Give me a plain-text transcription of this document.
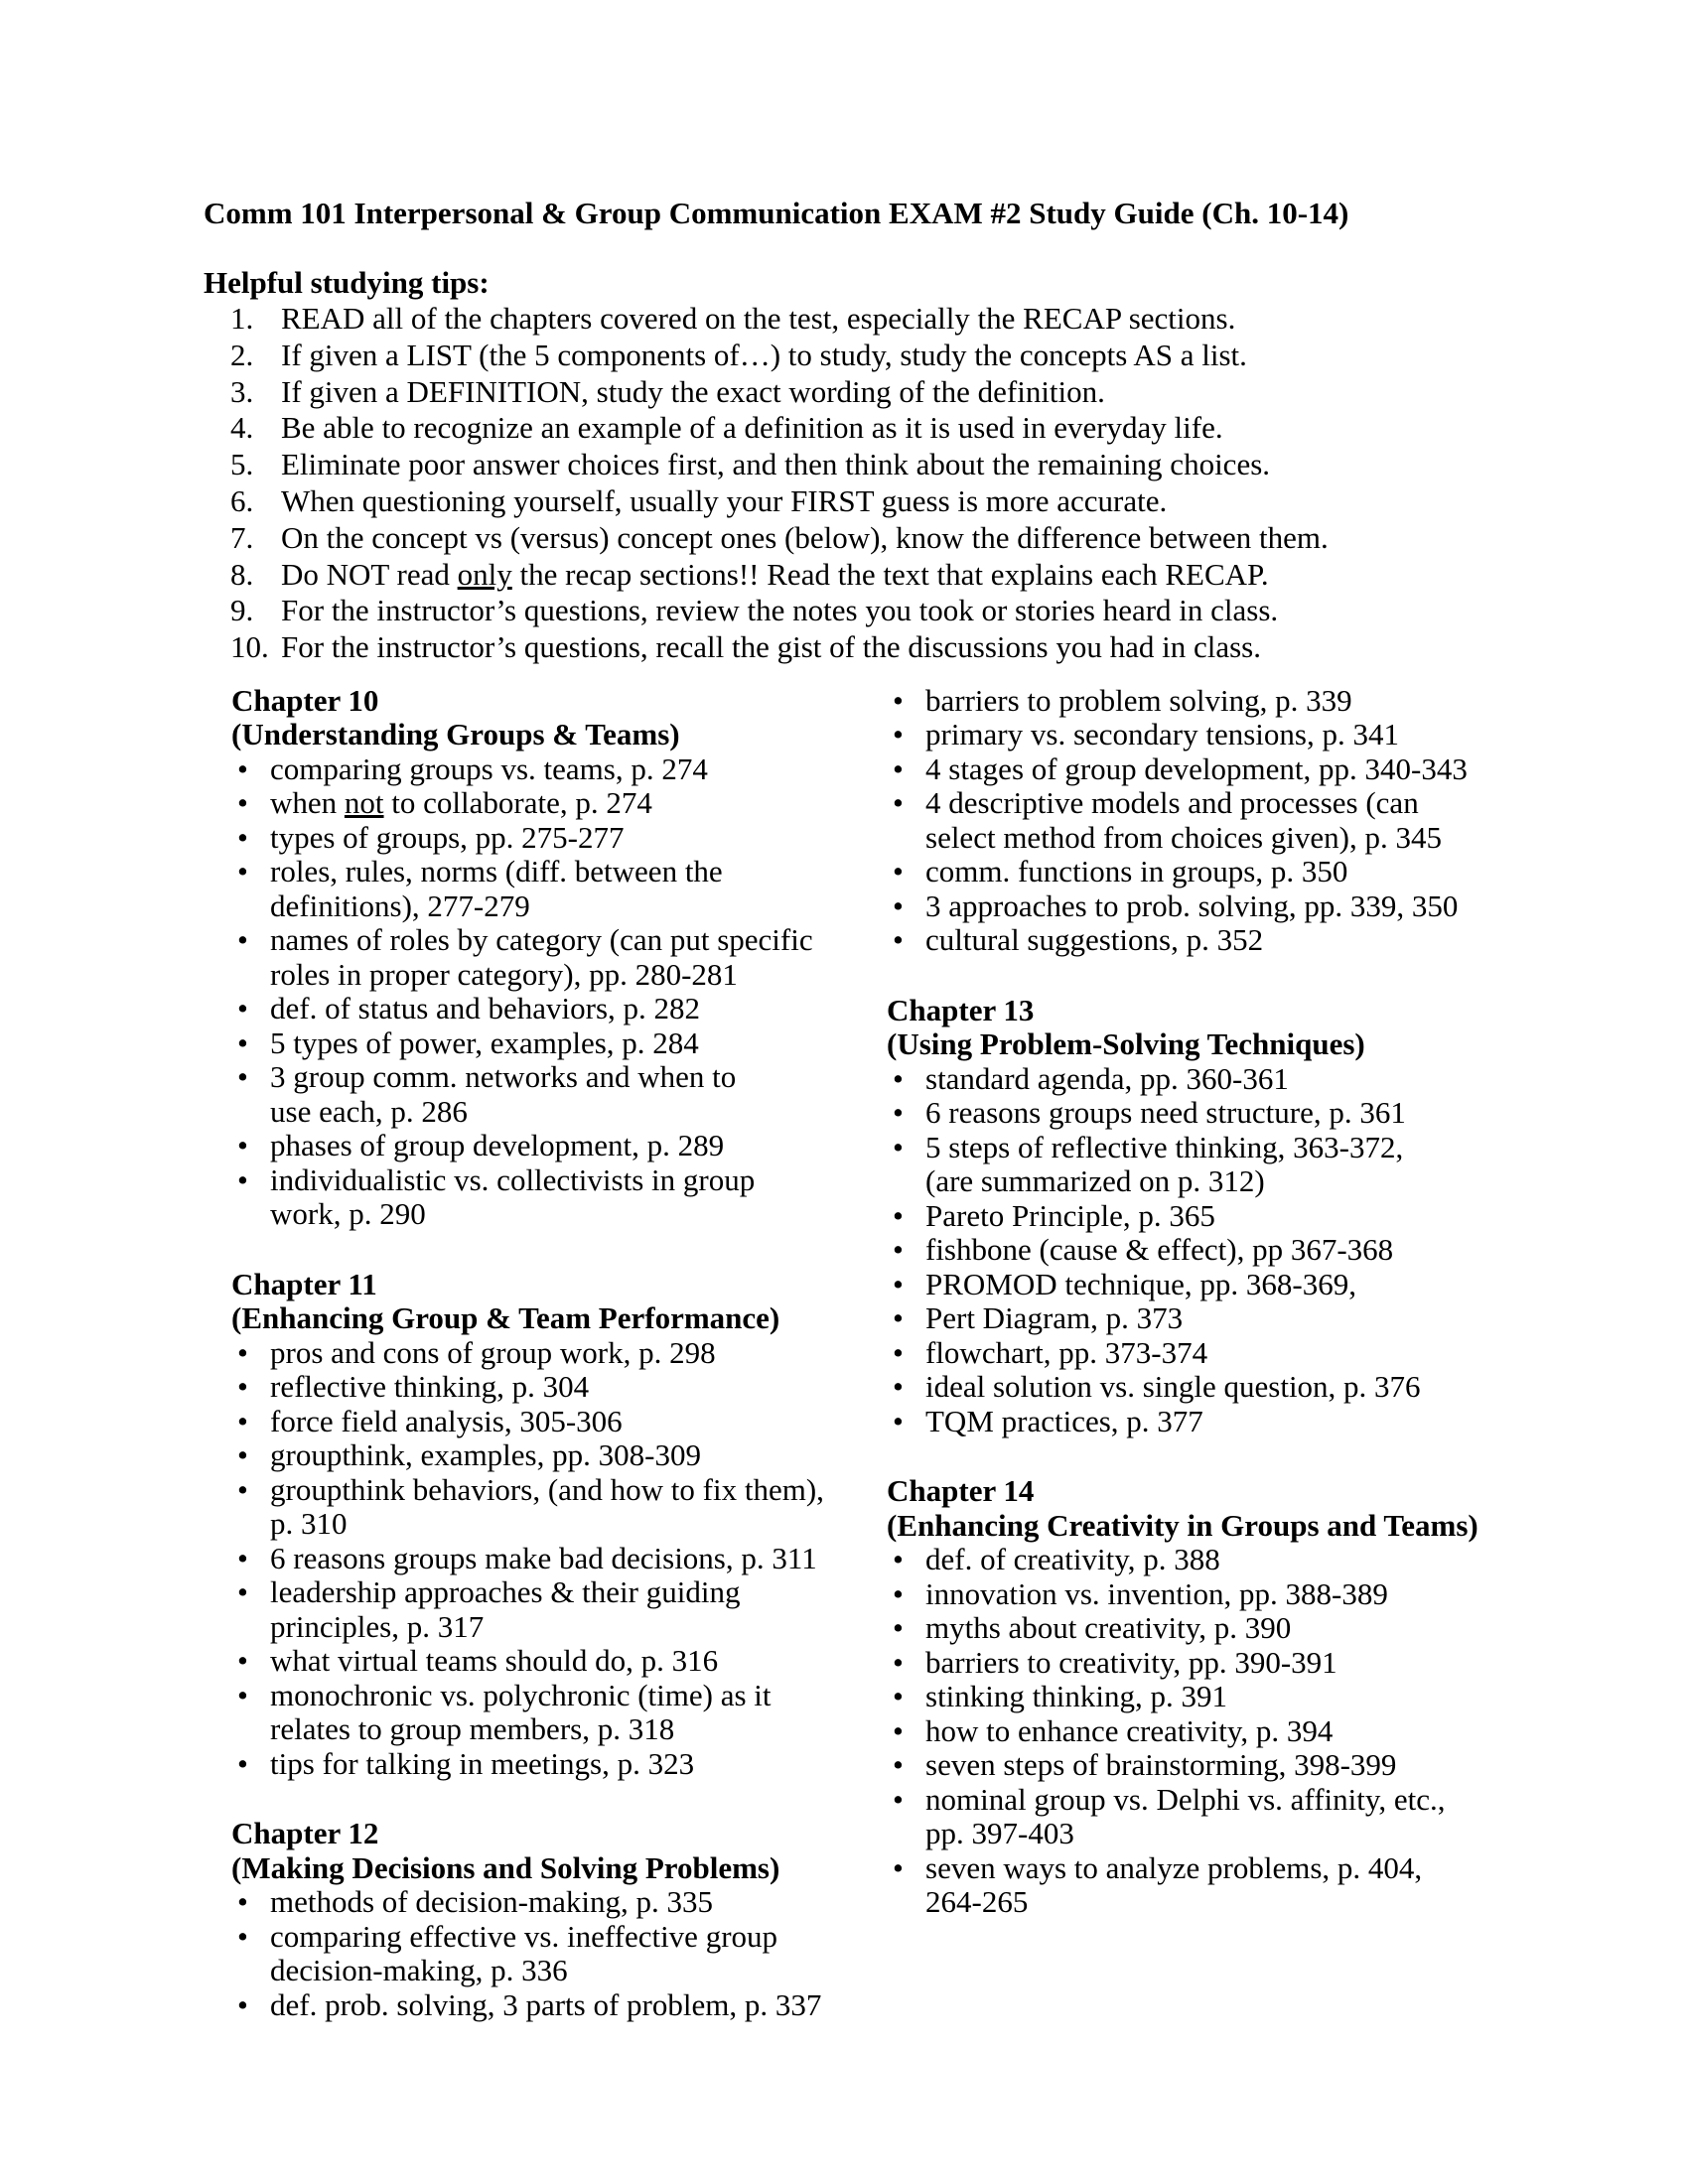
Comm 101 Interpersonal & Group Communication EXAM #2 Study Guide (Ch. 10-14)
Helpful studying tips:
1. READ all of the chapters covered on the test, especially the RECAP sections.
2. If given a LIST (the 5 components of…) to study, study the concepts AS a list.
3. If given a DEFINITION, study the exact wording of the definition.
4. Be able to recognize an example of a definition as it is used in everyday life.
5. Eliminate poor answer choices first, and then think about the remaining choices.
6. When questioning yourself, usually your FIRST guess is more accurate.
7. On the concept vs (versus) concept ones (below), know the difference between them.
8. Do NOT read only the recap sections!! Read the text that explains each RECAP.
9. For the instructor’s questions, review the notes you took or stories heard in class.
10. For the instructor’s questions, recall the gist of the discussions you had in class.
Chapter 10
(Understanding Groups & Teams)
• comparing groups vs. teams, p. 274
• when not to collaborate, p. 274
• types of groups, pp. 275-277
• roles, rules, norms (diff. between the
definitions), 277-279
• names of roles by category (can put specific
roles in proper category), pp. 280-281
• def. of status and behaviors, p. 282
• 5 types of power, examples, p. 284
• 3 group comm. networks and when to
use each, p. 286
• phases of group development, p. 289
• individualistic vs. collectivists in group
work, p. 290
Chapter 11
(Enhancing Group & Team Performance)
• pros and cons of group work, p. 298
• reflective thinking, p. 304
• force field analysis, 305-306
• groupthink, examples, pp. 308-309
• groupthink behaviors, (and how to fix them),
p. 310
• 6 reasons groups make bad decisions, p. 311
• leadership approaches & their guiding
principles, p. 317
• what virtual teams should do, p. 316
• monochronic vs. polychronic (time) as it
relates to group members, p. 318
• tips for talking in meetings, p. 323
Chapter 12
(Making Decisions and Solving Problems)
• methods of decision-making, p. 335
• comparing effective vs. ineffective group
decision-making, p. 336
• def. prob. solving, 3 parts of problem, p. 337
• barriers to problem solving, p. 339
• primary vs. secondary tensions, p. 341
• 4 stages of group development, pp. 340-343
• 4 descriptive models and processes (can
select method from choices given), p. 345
• comm. functions in groups, p. 350
• 3 approaches to prob. solving, pp. 339, 350
• cultural suggestions, p. 352
Chapter 13
(Using Problem-Solving Techniques)
• standard agenda, pp. 360-361
• 6 reasons groups need structure, p. 361
• 5 steps of reflective thinking, 363-372,
(are summarized on p. 312)
• Pareto Principle, p. 365
• fishbone (cause & effect), pp 367-368
• PROMOD technique, pp. 368-369,
• Pert Diagram, p. 373
• flowchart, pp. 373-374
• ideal solution vs. single question, p. 376
• TQM practices, p. 377
Chapter 14
(Enhancing Creativity in Groups and Teams)
• def. of creativity, p. 388
• innovation vs. invention, pp. 388-389
• myths about creativity, p. 390
• barriers to creativity, pp. 390-391
• stinking thinking, p. 391
• how to enhance creativity, p. 394
• seven steps of brainstorming, 398-399
• nominal group vs. Delphi vs. affinity, etc.,
pp. 397-403
• seven ways to analyze problems, p. 404,
264-265
